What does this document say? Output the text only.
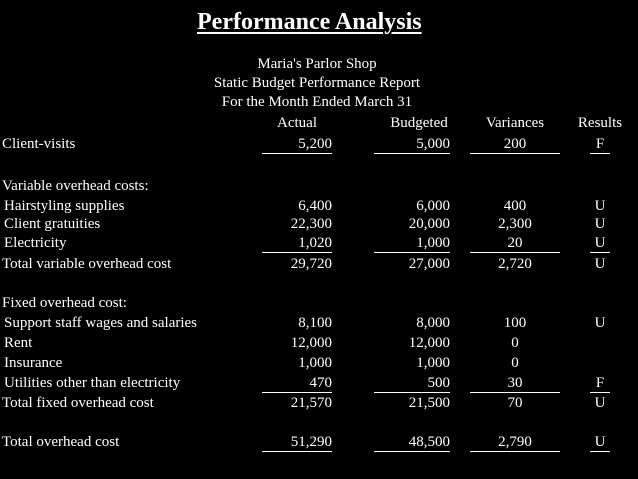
Performance Analysis
Maria's Parlor Shop
Static Budget Performance Report
For the Month Ended March 31
Actual	Budgeted	Variances	Results
Client-visits	5,200	5,000	200	F
Variable overhead costs:
Hairstyling supplies	6,400	6,000	400	U
Client gratuities	22,300	20,000	2,300	U
Electricity	1,020	1,000	20	U
Total variable overhead cost	29,720	27,000	2,720	U
Fixed overhead cost:
Support staff wages and salaries	8,100	8,000	100	U
Rent	12,000	12,000	0
Insurance	1,000	1,000	0
Utilities other than electricity	470	500	30	F
Total fixed overhead cost	21,570	21,500	70	U
Total overhead cost	51,290	48,500	2,790	U
